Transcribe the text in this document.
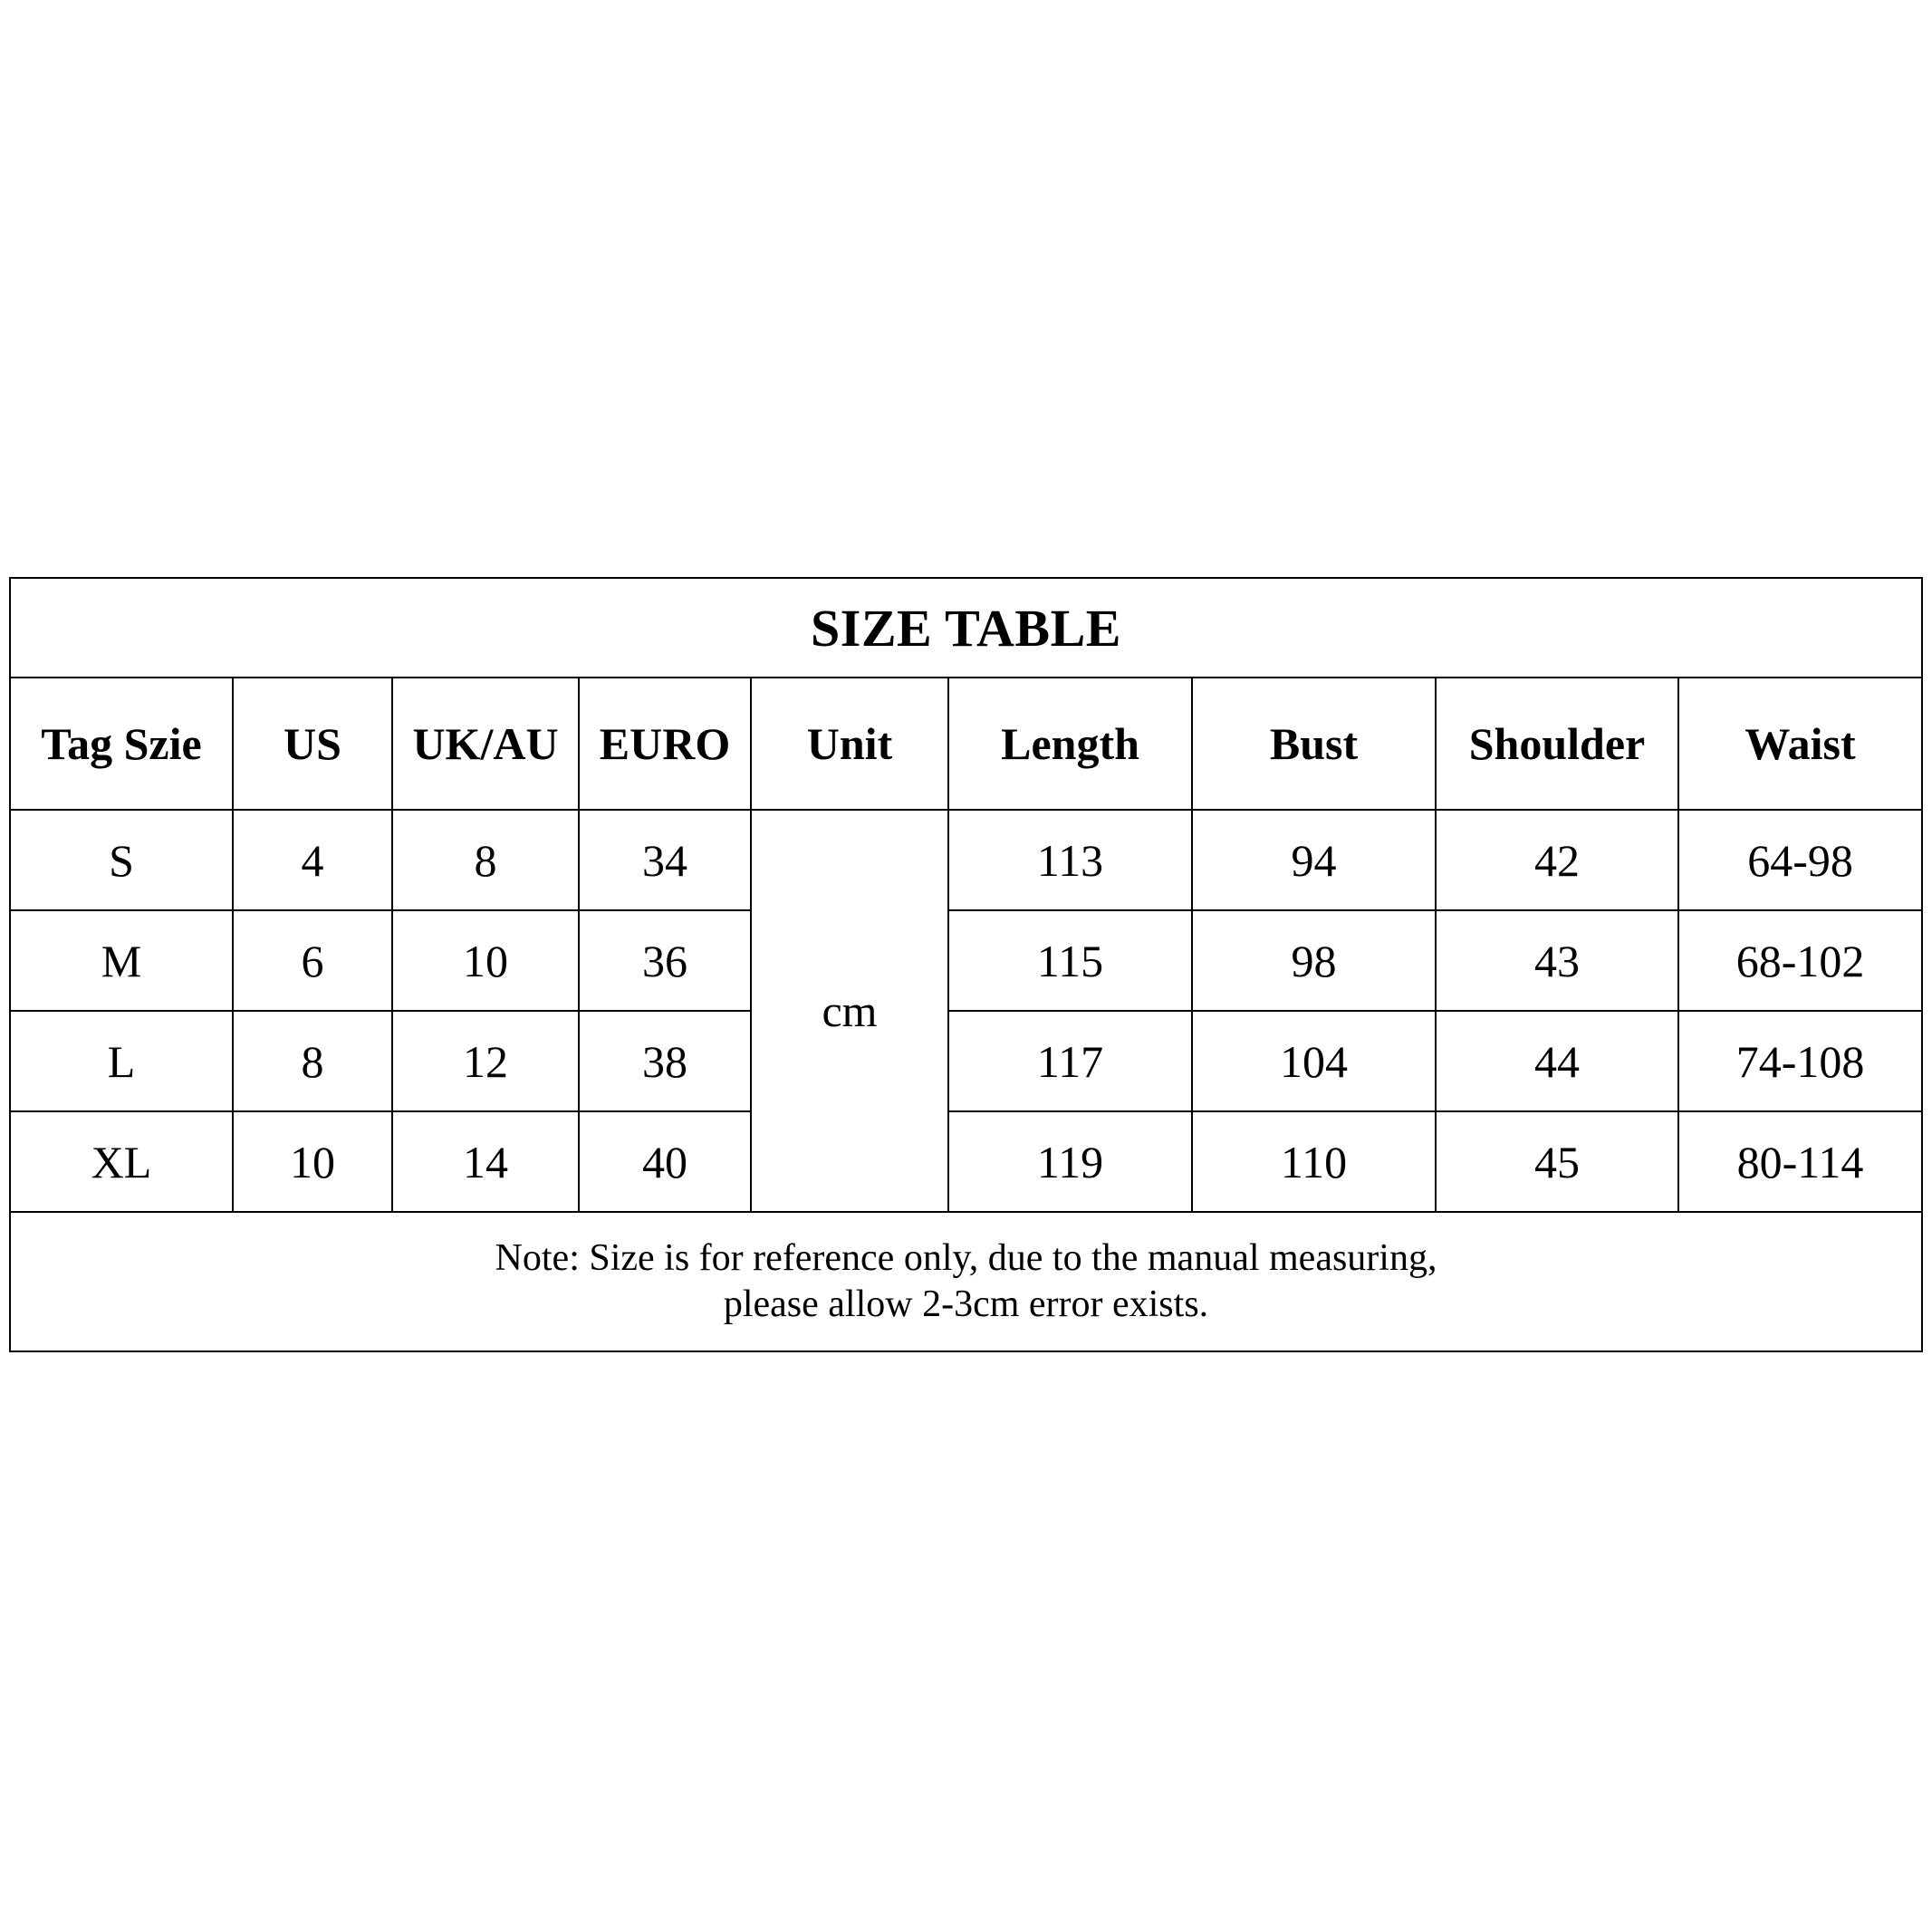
SIZE TABLE								
Tag Szie	US	UK/AU	EURO	Unit	Length	Bust	Shoulder	Waist
S	4	8	34	cm	113	94	42	64-98
M	6	10	36		115	98	43	68-102
L	8	12	38		117	104	44	74-108
XL	10	14	40		119	110	45	80-114

Note: Size is for reference only, due to the manual measuring,
please allow 2-3cm error exists.								
